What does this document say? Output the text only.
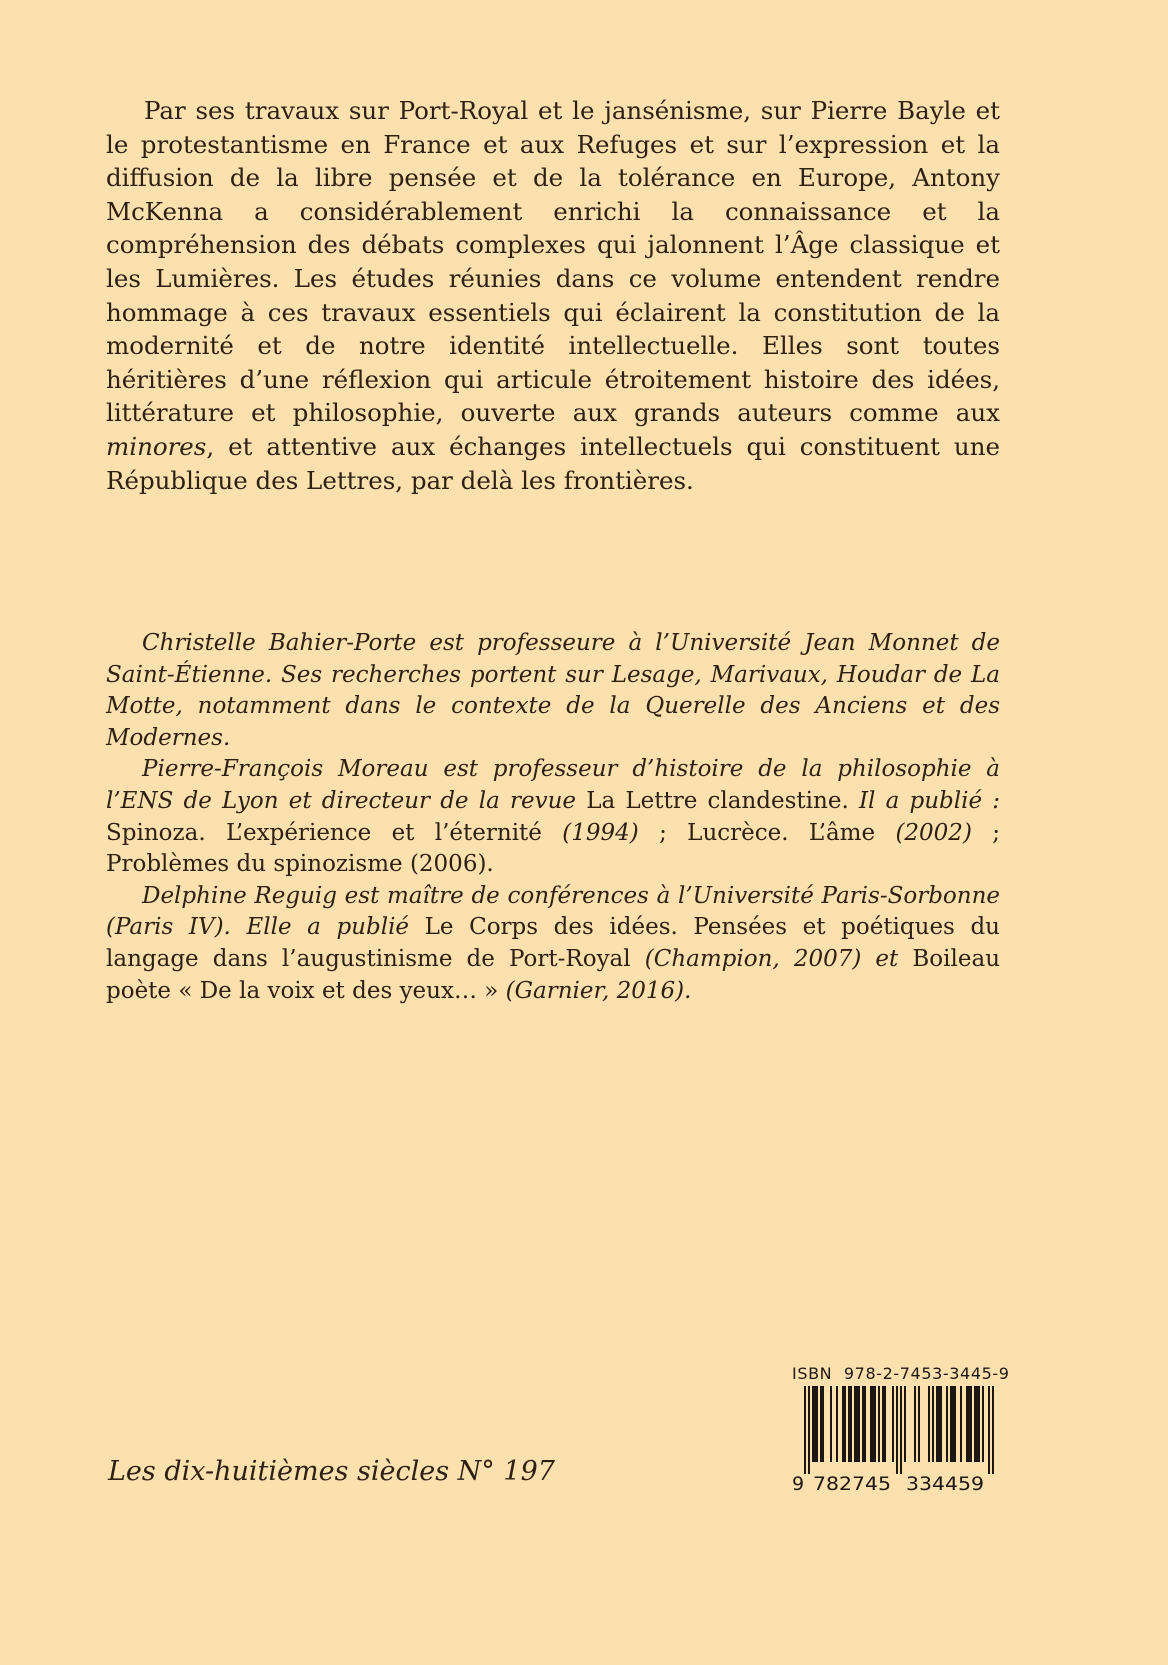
Par ses travaux sur Port-Royal et le jansénisme, sur Pierre Bayle et le protestantisme en France et aux Refuges et sur l’expression et la diffusion de la libre pensée et de la tolérance en Europe, Antony McKenna a considérablement enrichi la connaissance et la compréhension des débats complexes qui jalonnent l’Âge classique et les Lumières. Les études réunies dans ce volume entendent rendre hommage à ces travaux essentiels qui éclairent la constitution de la modernité et de notre identité intellectuelle. Elles sont toutes héritières d’une réflexion qui articule étroitement histoire des idées, littérature et philosophie, ouverte aux grands auteurs comme aux minores, et attentive aux échanges intellectuels qui constituent une République des Lettres, par delà les frontières.

Christelle Bahier-Porte est professeure à l’Université Jean Monnet de Saint-Étienne. Ses recherches portent sur Lesage, Marivaux, Houdar de La Motte, notamment dans le contexte de la Querelle des Anciens et des Modernes.

Pierre-François Moreau est professeur d’histoire de la philosophie à l’ENS de Lyon et directeur de la revue La Lettre clandestine. Il a publié : Spinoza. L’expérience et l’éternité (1994) ; Lucrèce. L’âme (2002) ; Problèmes du spinozisme (2006).

Delphine Reguig est maître de conférences à l’Université Paris-Sorbonne (Paris IV). Elle a publié Le Corps des idées. Pensées et poétiques du langage dans l’augustinisme de Port-Royal (Champion, 2007) et Boileau poète « De la voix et des yeux… » (Garnier, 2016).

Les dix-huitièmes siècles N° 197
ISBN 978-2-7453-3445-9
9 782745 334459
